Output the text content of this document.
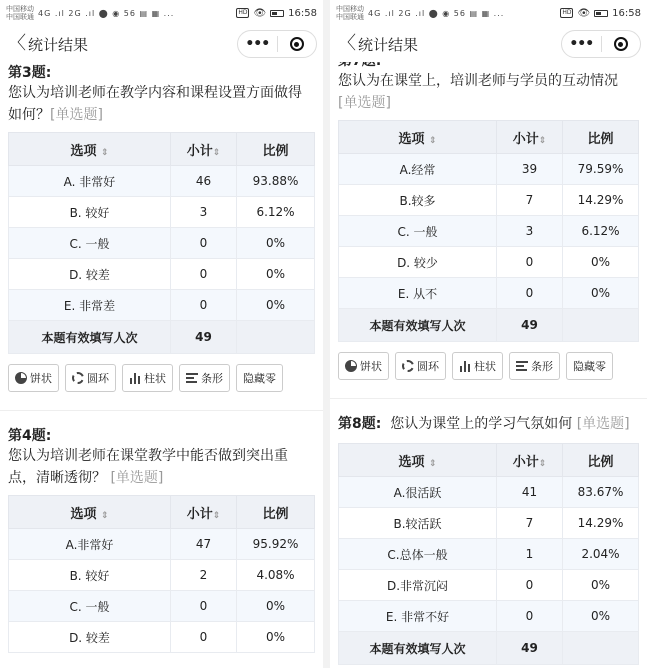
中国移动
中国联通 4G .ıl 2G .ıl ⬤ ◉ 56 ▤ ▦ ...	HD 👁 16:58
〈 统计结果	•••
第3题:
您认为培训老师在教学内容和课程设置方面做得如何？[单选题]
选项 ⇕	小计⇕	比例
A. 非常好	46	93.88%
B. 较好	3	6.12%
C. 一般	0	0%
D. 较差	0	0%
E. 非常差	0	0%
本题有效填写人次	49	
饼状	圆环	柱状	条形 隐藏零
第4题:
您认为培训老师在课堂教学中能否做到突出重点，清晰透彻？ [单选题]
选项 ⇕	小计⇕	比例
A.非常好	47	95.92%
B. 较好	2	4.08%
C. 一般	0	0%
D. 较差	0	0%
中国移动
中国联通 4G .ıl 2G .ıl ⬤ ◉ 56 ▤ ▦ ...	HD 👁 16:58
〈 统计结果	•••
您认为在课堂上，培训老师与学员的互动情况 [单选题]
选项 ⇕	小计⇕	比例
A.经常	39	79.59%
B.较多	7	14.29%
C. 一般	3	6.12%
D. 较少	0	0%
E. 从不	0	0%
本题有效填写人次	49	
饼状	圆环	柱状	条形 隐藏零
第8题: 您认为课堂上的学习气氛如何 [单选题]
选项 ⇕	小计⇕	比例
A.很活跃	41	83.67%
B.较活跃	7	14.29%
C.总体一般	1	2.04%
D.非常沉闷	0	0%
E. 非常不好	0	0%
本题有效填写人次	49	
